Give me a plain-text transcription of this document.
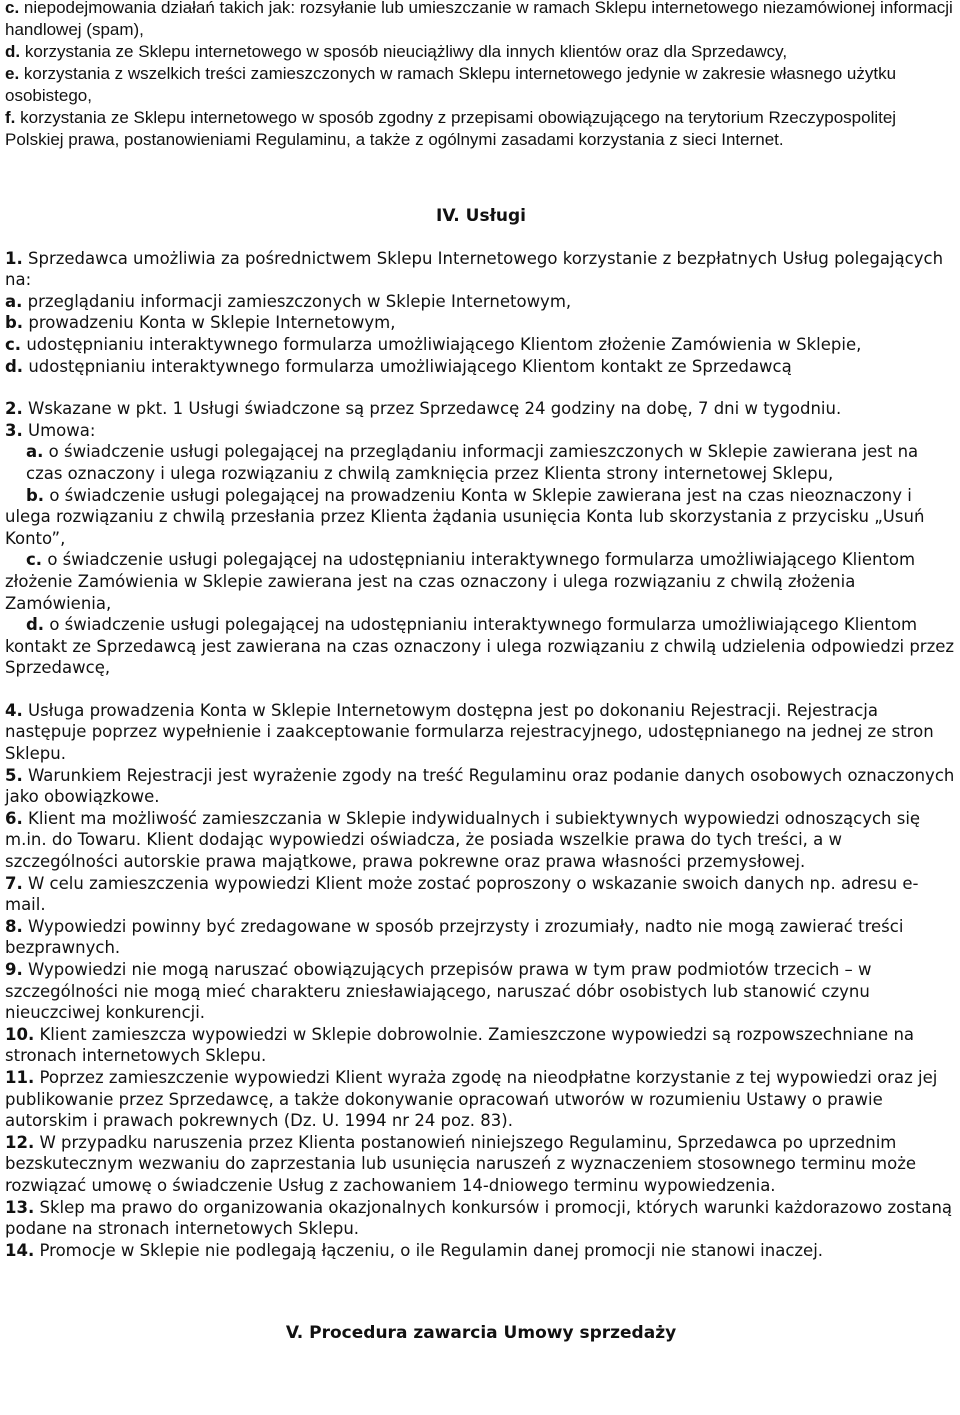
c. niepodejmowania działań takich jak: rozsyłanie lub umieszczanie w ramach Sklepu internetowego niezamówionej informacji handlowej (spam),

d. korzystania ze Sklepu internetowego w sposób nieuciążliwy dla innych klientów oraz dla Sprzedawcy,

e. korzystania z wszelkich treści zamieszczonych w ramach Sklepu internetowego jedynie w zakresie własnego użytku osobistego,

f. korzystania ze Sklepu internetowego w sposób zgodny z przepisami obowiązującego na terytorium Rzeczypospolitej Polskiej prawa, postanowieniami Regulaminu, a także z ogólnymi zasadami korzystania z sieci Internet.

IV. Usługi

1. Sprzedawca umożliwia za pośrednictwem Sklepu Internetowego korzystanie z bezpłatnych Usług polegających na:

a. przeglądaniu informacji zamieszczonych w Sklepie Internetowym,

b. prowadzeniu Konta w Sklepie Internetowym,

c. udostępnianiu interaktywnego formularza umożliwiającego Klientom złożenie Zamówienia w Sklepie,

d. udostępnianiu interaktywnego formularza umożliwiającego Klientom kontakt ze Sprzedawcą

2. Wskazane w pkt. 1 Usługi świadczone są przez Sprzedawcę 24 godziny na dobę, 7 dni w tygodniu.

3. Umowa:

a. o świadczenie usługi polegającej na przeglądaniu informacji zamieszczonych w Sklepie zawierana jest na czas oznaczony i ulega rozwiązaniu z chwilą zamknięcia przez Klienta strony internetowej Sklepu,

b. o świadczenie usługi polegającej na prowadzeniu Konta w Sklepie zawierana jest na czas nieoznaczony i ulega rozwiązaniu z chwilą przesłania przez Klienta żądania usunięcia Konta lub skorzystania z przycisku „Usuń Konto”,

c. o świadczenie usługi polegającej na udostępnianiu interaktywnego formularza umożliwiającego Klientom złożenie Zamówienia w Sklepie zawierana jest na czas oznaczony i ulega rozwiązaniu z chwilą złożenia Zamówienia,

d. o świadczenie usługi polegającej na udostępnianiu interaktywnego formularza umożliwiającego Klientom kontakt ze Sprzedawcą jest zawierana na czas oznaczony i ulega rozwiązaniu z chwilą udzielenia odpowiedzi przez Sprzedawcę,

4. Usługa prowadzenia Konta w Sklepie Internetowym dostępna jest po dokonaniu Rejestracji. Rejestracja następuje poprzez wypełnienie i zaakceptowanie formularza rejestracyjnego, udostępnianego na jednej ze stron Sklepu.

5. Warunkiem Rejestracji jest wyrażenie zgody na treść Regulaminu oraz podanie danych osobowych oznaczonych jako obowiązkowe.

6. Klient ma możliwość zamieszczania w Sklepie indywidualnych i subiektywnych wypowiedzi odnoszących się m.in. do Towaru. Klient dodając wypowiedzi oświadcza, że posiada wszelkie prawa do tych treści, a w szczególności autorskie prawa majątkowe, prawa pokrewne oraz prawa własności przemysłowej.

7. W celu zamieszczenia wypowiedzi Klient może zostać poproszony o wskazanie swoich danych np. adresu e-mail.

8. Wypowiedzi powinny być zredagowane w sposób przejrzysty i zrozumiały, nadto nie mogą zawierać treści bezprawnych.

9. Wypowiedzi nie mogą naruszać obowiązujących przepisów prawa w tym praw podmiotów trzecich – w szczególności nie mogą mieć charakteru zniesławiającego, naruszać dóbr osobistych lub stanowić czynu nieuczciwej konkurencji.

10. Klient zamieszcza wypowiedzi w Sklepie dobrowolnie. Zamieszczone wypowiedzi są rozpowszechniane na stronach internetowych Sklepu.

11. Poprzez zamieszczenie wypowiedzi Klient wyraża zgodę na nieodpłatne korzystanie z tej wypowiedzi oraz jej publikowanie przez Sprzedawcę, a także dokonywanie opracowań utworów w rozumieniu Ustawy o prawie autorskim i prawach pokrewnych (Dz. U. 1994 nr 24 poz. 83).

12. W przypadku naruszenia przez Klienta postanowień niniejszego Regulaminu, Sprzedawca po uprzednim bezskutecznym wezwaniu do zaprzestania lub usunięcia naruszeń z wyznaczeniem stosownego terminu może rozwiązać umowę o świadczenie Usług z zachowaniem 14-dniowego terminu wypowiedzenia.

13. Sklep ma prawo do organizowania okazjonalnych konkursów i promocji, których warunki każdorazowo zostaną podane na stronach internetowych Sklepu.

14. Promocje w Sklepie nie podlegają łączeniu, o ile Regulamin danej promocji nie stanowi inaczej.

V. Procedura zawarcia Umowy sprzedaży
